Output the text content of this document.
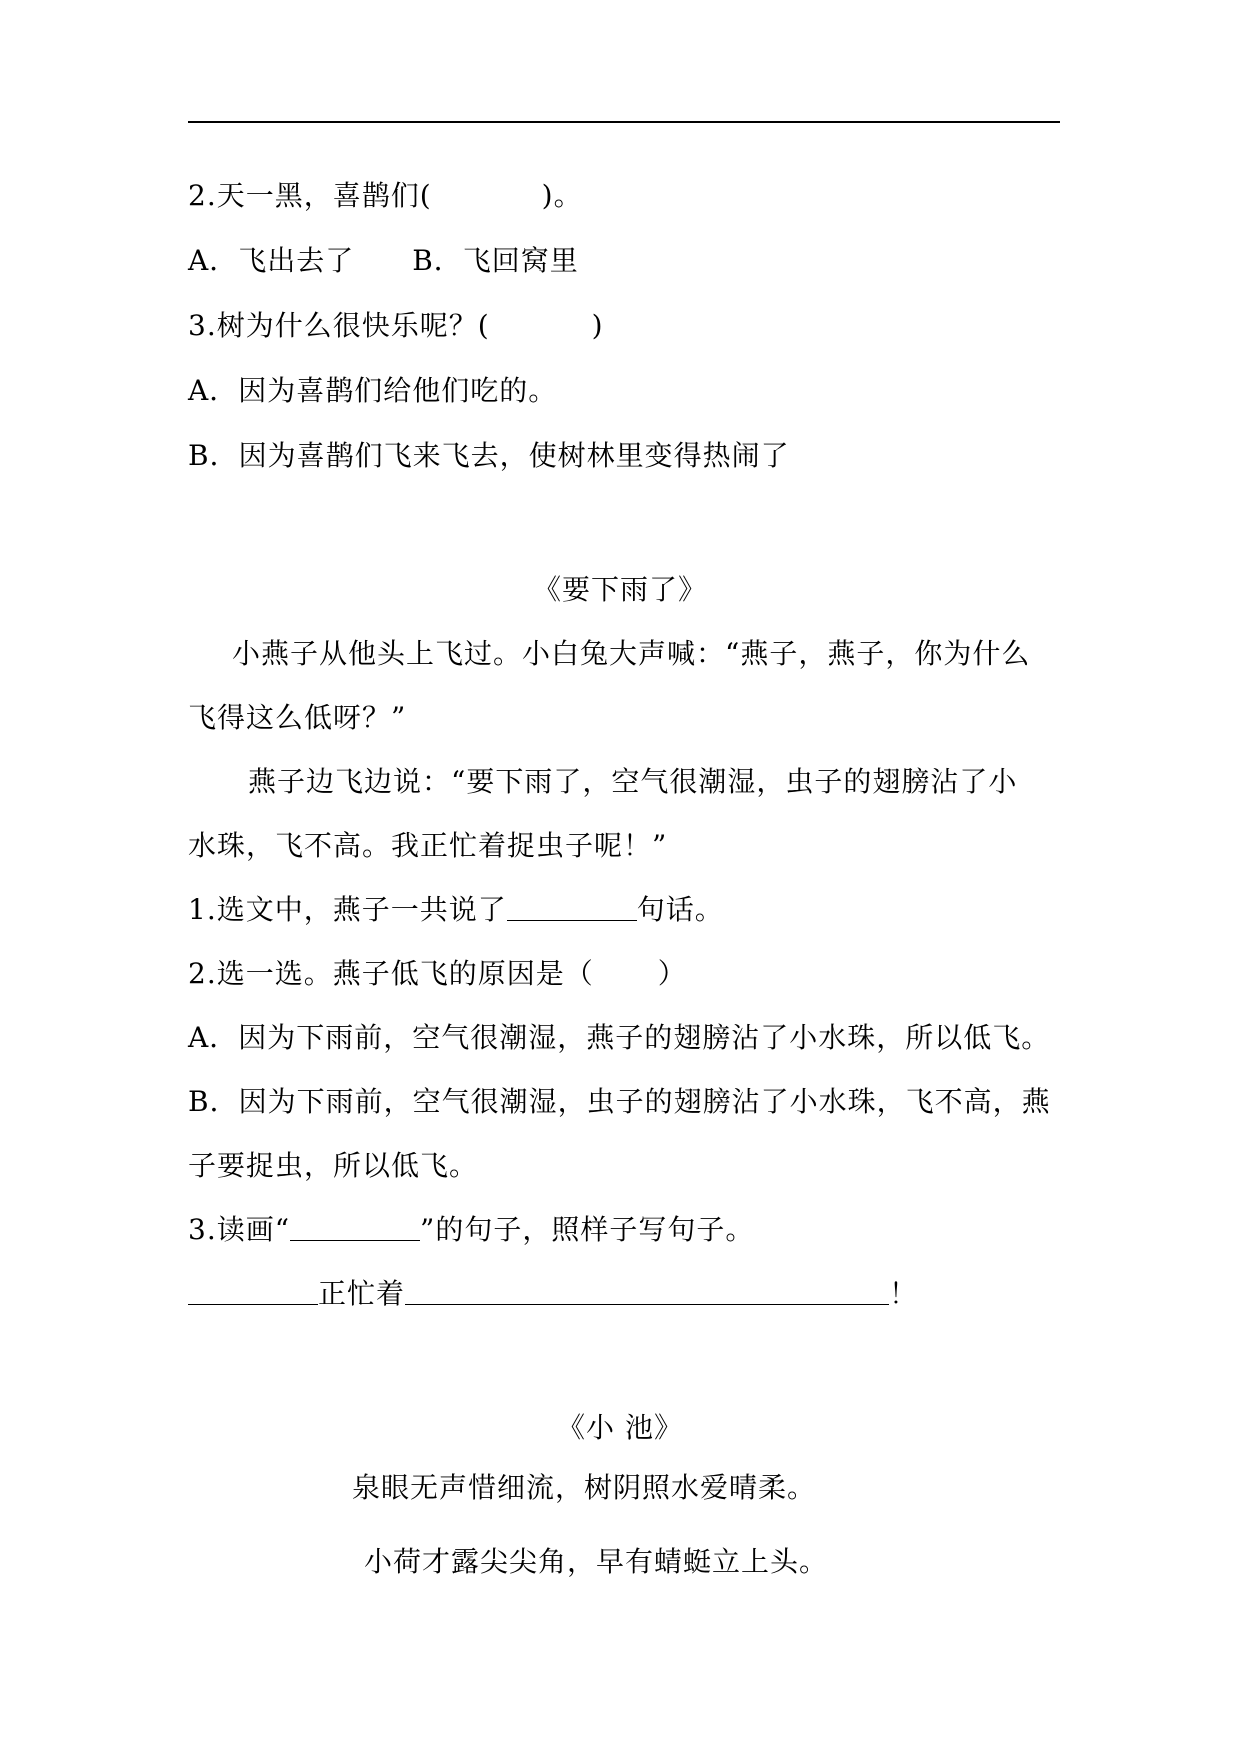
2.天一黑，喜鹊们(	)。
A．飞出去了 B．飞回窝里
3.树为什么很快乐呢？(	)
A．因为喜鹊们给他们吃的。
B．因为喜鹊们飞来飞去，使树林里变得热闹了
《要下雨了》
小燕子从他头上飞过。小白兔大声喊：“燕子，燕子，你为什么
飞得这么低呀？”
燕子边飞边说：“要下雨了，空气很潮湿，虫子的翅膀沾了小
水珠，飞不高。我正忙着捉虫子呢！”
1.选文中，燕子一共说了	句话。
2.选一选。燕子低飞的原因是（ ）
A．因为下雨前，空气很潮湿，燕子的翅膀沾了小水珠，所以低飞。
B．因为下雨前，空气很潮湿，虫子的翅膀沾了小水珠，飞不高，燕
子要捉虫，所以低飞。
3.读画“	”的句子，照样子写句子。
正忙着	！
《小 池》
泉眼无声惜细流，树阴照水爱晴柔。
小荷才露尖尖角，早有蜻蜓立上头。
